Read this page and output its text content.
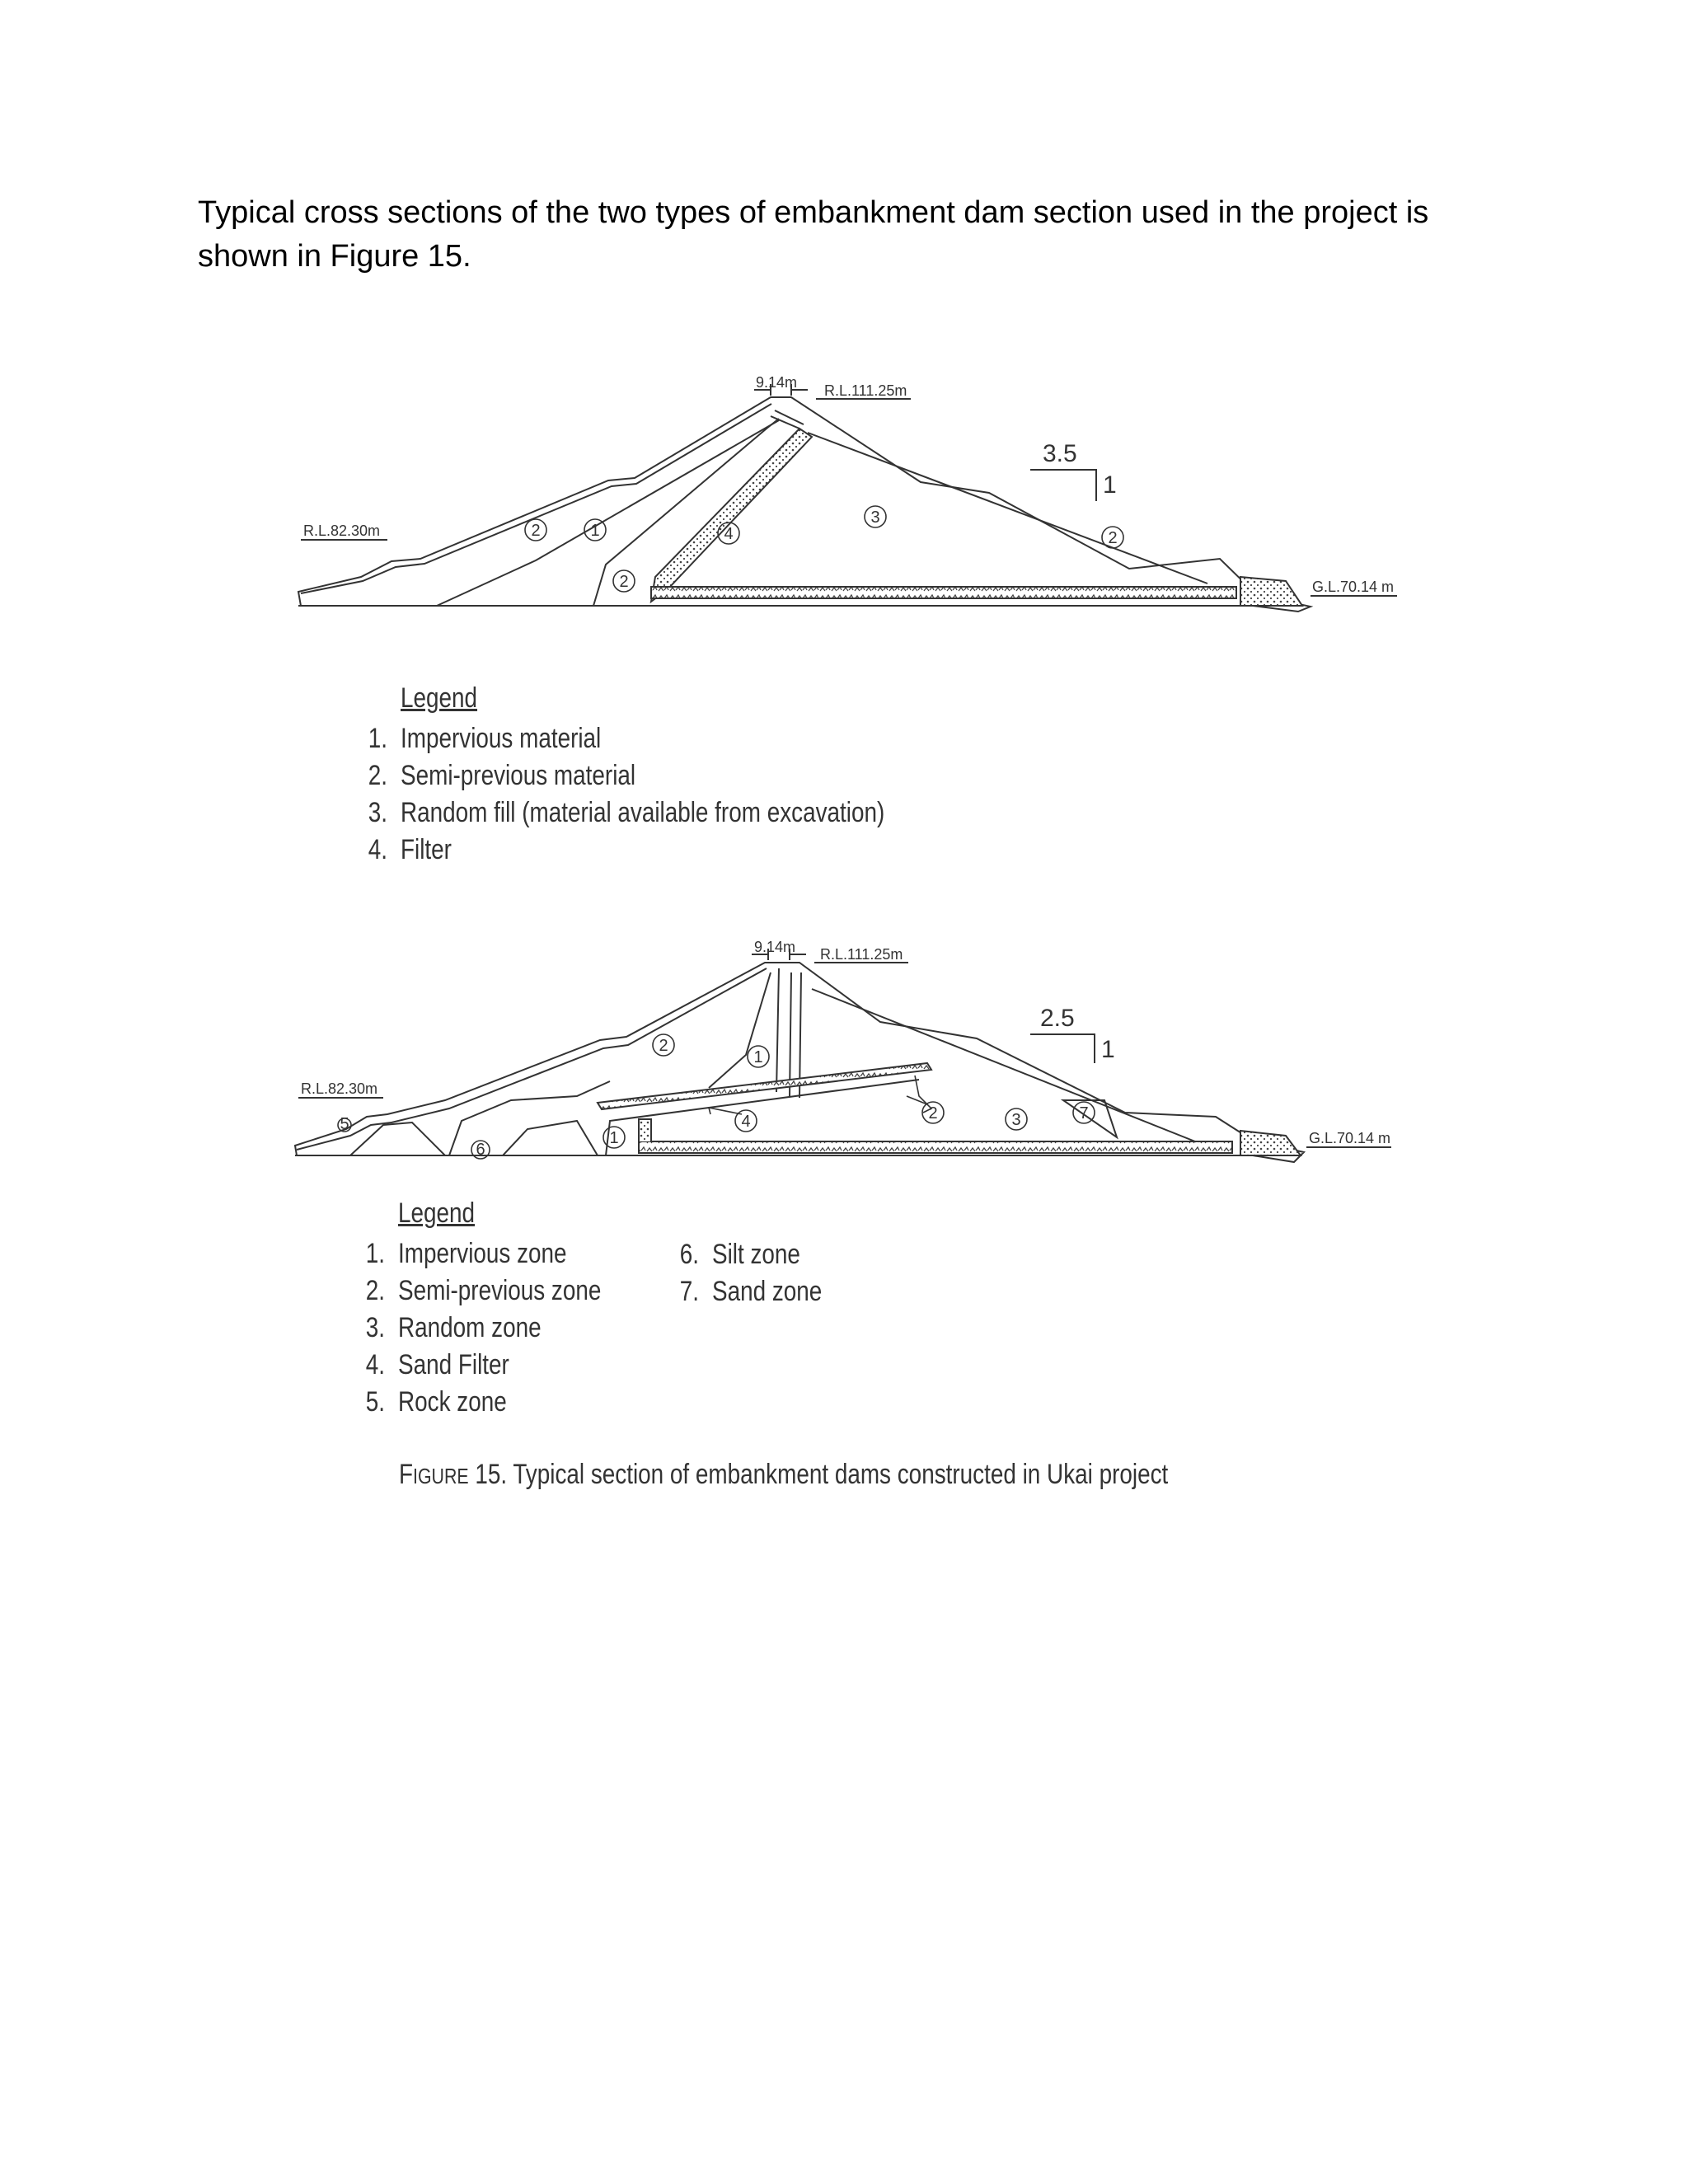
Typical cross sections of the two types of embankment dam section used in the project is shown in Figure 15.
9.14m R.L.111.25m
R.L.82.30m
G.L.70.14 m
3.5
1
2	1	4
3
2
2
9.14m R.L.111.25m
R.L.82.30m
G.L.70.14 m
2.5
1
2
1
4	2	3	7
6
1
5
Legend
1. Impervious material
2. Semi-previous material
3. Random fill (material available from excavation)
4. Filter
Legend
1. Impervious zone
2. Semi-previous zone
3. Random zone
4. Sand Filter
5. Rock zone
6. Silt zone
7. Sand zone
FIGURE 15. Typical section of embankment dams constructed in Ukai project
